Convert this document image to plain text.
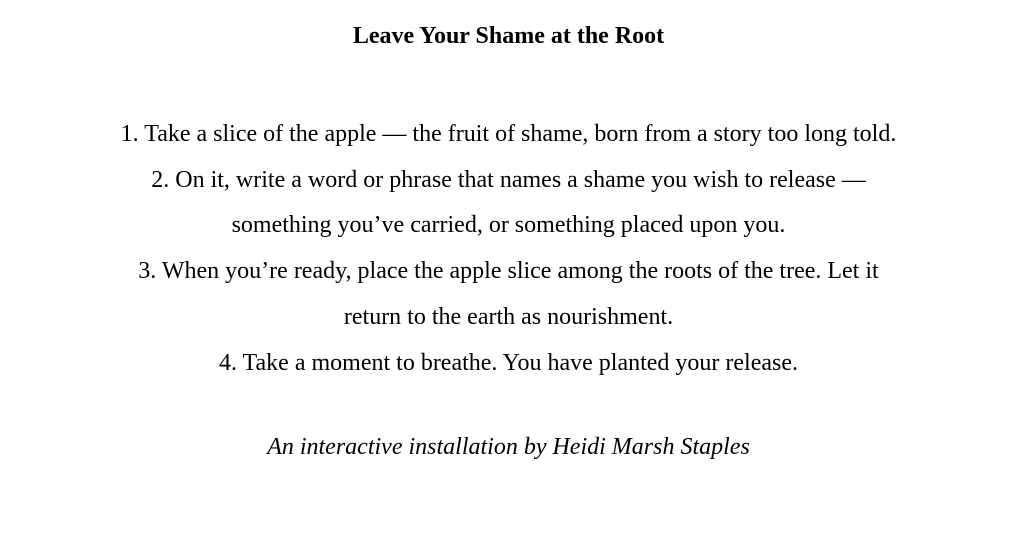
Leave Your Shame at the Root
1. Take a slice of the apple — the fruit of shame, born from a story too long told.
2. On it, write a word or phrase that names a shame you wish to release —
something you’ve carried, or something placed upon you.
3. When you’re ready, place the apple slice among the roots of the tree. Let it
return to the earth as nourishment.
4. Take a moment to breathe. You have planted your release.

An interactive installation by Heidi Marsh Staples
